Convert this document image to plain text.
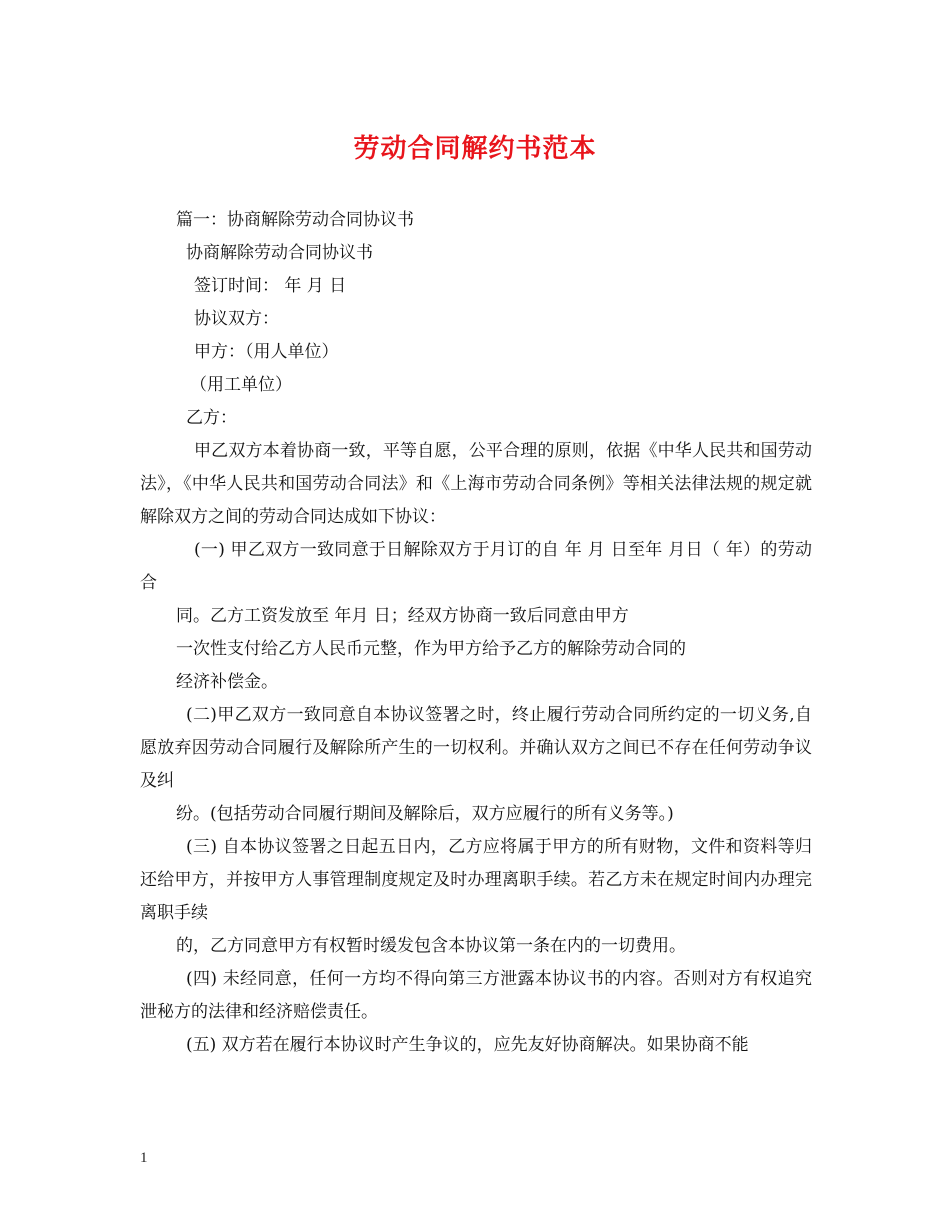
劳动合同解约书范本

篇一：协商解除劳动合同协议书

协商解除劳动合同协议书

签订时间： 年 月 日

协议双方：

甲方：（用人单位）

（用工单位）

乙方：

甲乙双方本着协商一致，平等自愿，公平合理的原则，依据《中华人民共和国劳动法》，《中华人民共和国劳动合同法》和《上海市劳动合同条例》等相关法律法规的规定就解除双方之间的劳动合同达成如下协议：

(一) 甲乙双方一致同意于日解除双方于月订的自 年 月 日至年 月日（ 年）的劳动合

同。乙方工资发放至 年月 日；经双方协商一致后同意由甲方

一次性支付给乙方人民币元整，作为甲方给予乙方的解除劳动合同的

经济补偿金。

(二)甲乙双方一致同意自本协议签署之时，终止履行劳动合同所约定的一切义务,自愿放弃因劳动合同履行及解除所产生的一切权利。并确认双方之间已不存在任何劳动争议及纠

纷。(包括劳动合同履行期间及解除后，双方应履行的所有义务等。)

(三) 自本协议签署之日起五日内，乙方应将属于甲方的所有财物，文件和资料等归还给甲方，并按甲方人事管理制度规定及时办理离职手续。若乙方未在规定时间内办理完离职手续

的，乙方同意甲方有权暂时缓发包含本协议第一条在内的一切费用。

(四) 未经同意，任何一方均不得向第三方泄露本协议书的内容。否则对方有权追究泄秘方的法律和经济赔偿责任。

(五) 双方若在履行本协议时产生争议的，应先友好协商解决。如果协商不能

1
